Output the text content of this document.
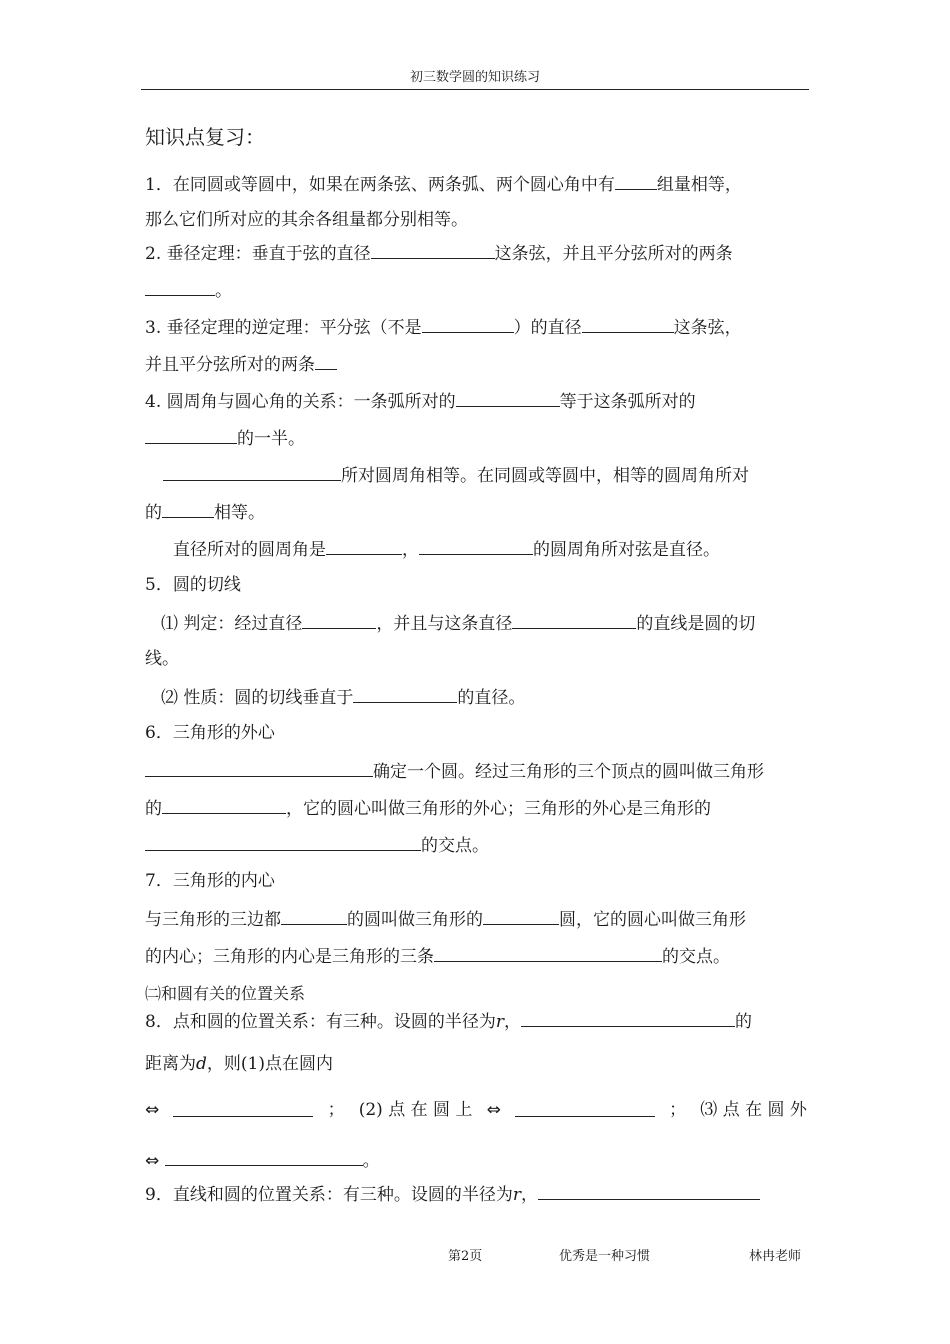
初三数学圆的知识练习
知识点复习：
1．在同圆或等圆中，如果在两条弦、两条弧、两个圆心角中有 组量相等，
那么它们所对应的其余各组量都分别相等。
2. 垂径定理：垂直于弦的直径	这条弦，并且平分弦所对的两条
。
3. 垂径定理的逆定理：平分弦（不是	）的直径	这条弦，
并且平分弦所对的两条
4. 圆周角与圆心角的关系：一条弧所对的	等于这条弧所对的
的一半。
所对圆周角相等。在同圆或等圆中，相等的圆周角所对
的	相等。
直径所对的圆周角是	，	的圆周角所对弦是直径。
5．圆的切线
⑴ 判定：经过直径	，并且与这条直径	的直线是圆的切
线。
⑵ 性质：圆的切线垂直于	的直径。
6．三角形的外心
确定一个圆。经过三角形的三个顶点的圆叫做三角形
的	，它的圆心叫做三角形的外心；三角形的外心是三角形的
的交点。
7．三角形的内心
与三角形的三边都	的圆叫做三角形的	圆，它的圆心叫做三角形
的内心；三角形的内心是三角形的三条	的交点。
㈡和圆有关的位置关系
8．点和圆的位置关系：有三种。设圆的半径为r，	的
距离为d，则(1)点在圆内
⇔	； (2) 点 在 圆 上 ⇔	； ⑶ 点 在 圆 外
⇔	。
9．直线和圆的位置关系：有三种。设圆的半径为r，
第2页	优秀是一种习惯	林冉老师
